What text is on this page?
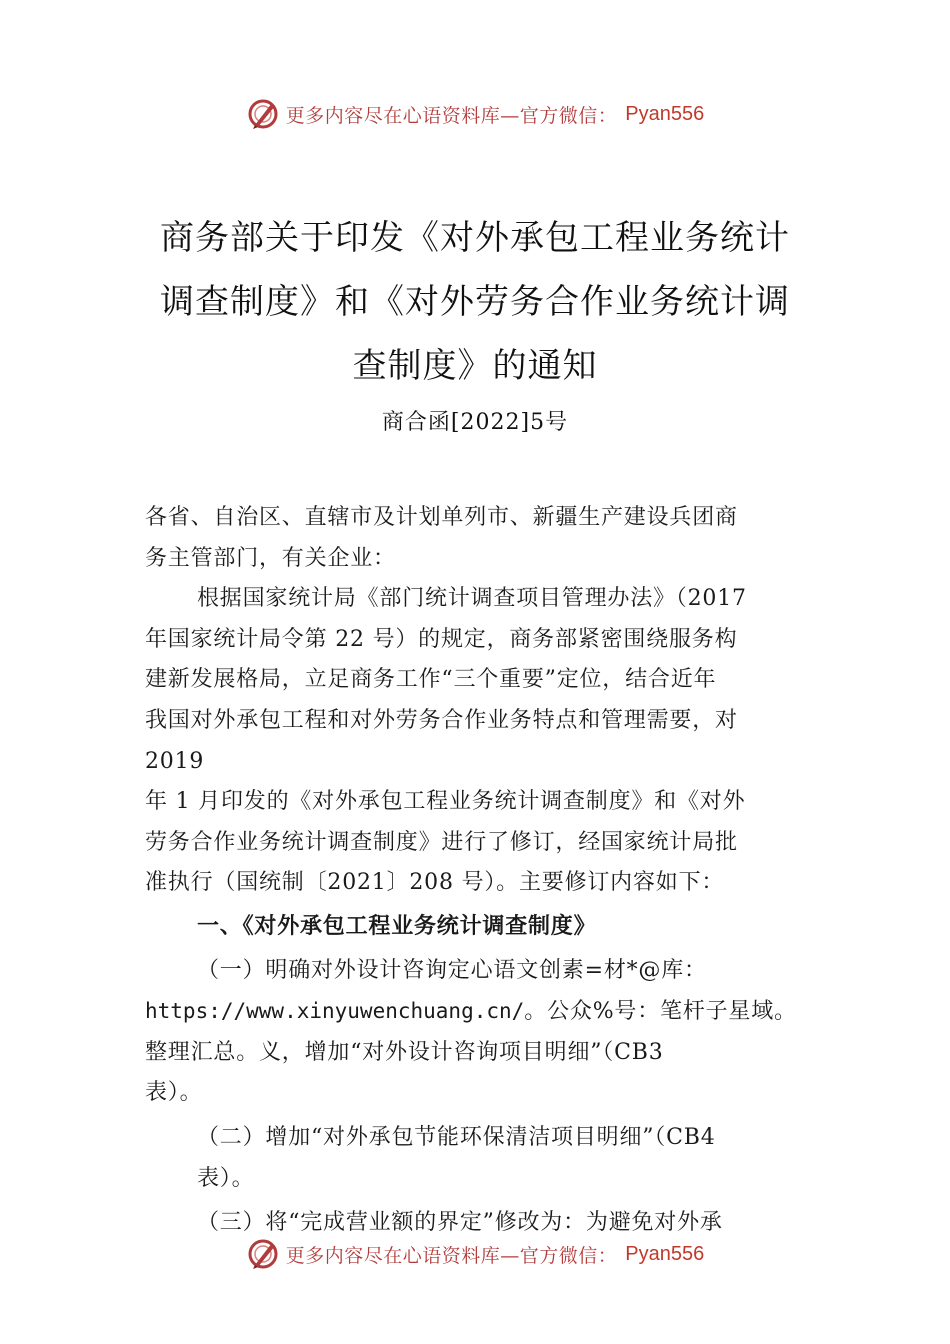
更多内容尽在心语资料库—官方微信： Pyan556
商务部关于印发《对外承包工程业务统计
调查制度》和《对外劳务合作业务统计调
查制度》的通知
商合函[2022]5号

各省、自治区、直辖市及计划单列市、新疆生产建设兵团商

务主管部门，有关企业：

根据国家统计局《部门统计调查项目管理办法》（2017

年国家统计局令第 22 号）的规定，商务部紧密围绕服务构

建新发展格局，立足商务工作“三个重要”定位，结合近年

我国对外承包工程和对外劳务合作业务特点和管理需要，对

2019

年 1 月印发的《对外承包工程业务统计调查制度》和《对外

劳务合作业务统计调查制度》进行了修订，经国家统计局批

准执行（国统制〔2021〕208 号）。主要修订内容如下：

一、《对外承包工程业务统计调查制度》

（一）明确对外设计咨询定心语文创素=材*@库：

https://www.xinyuwenchuang.cn/。公众%号：笔杆子星域。

整理汇总。义，增加“对外设计咨询项目明细”（CB3

表）。

（二）增加“对外承包节能环保清洁项目明细”（CB4

表）。

（三）将“完成营业额的界定”修改为：为避免对外承

更多内容尽在心语资料库—官方微信： Pyan556
